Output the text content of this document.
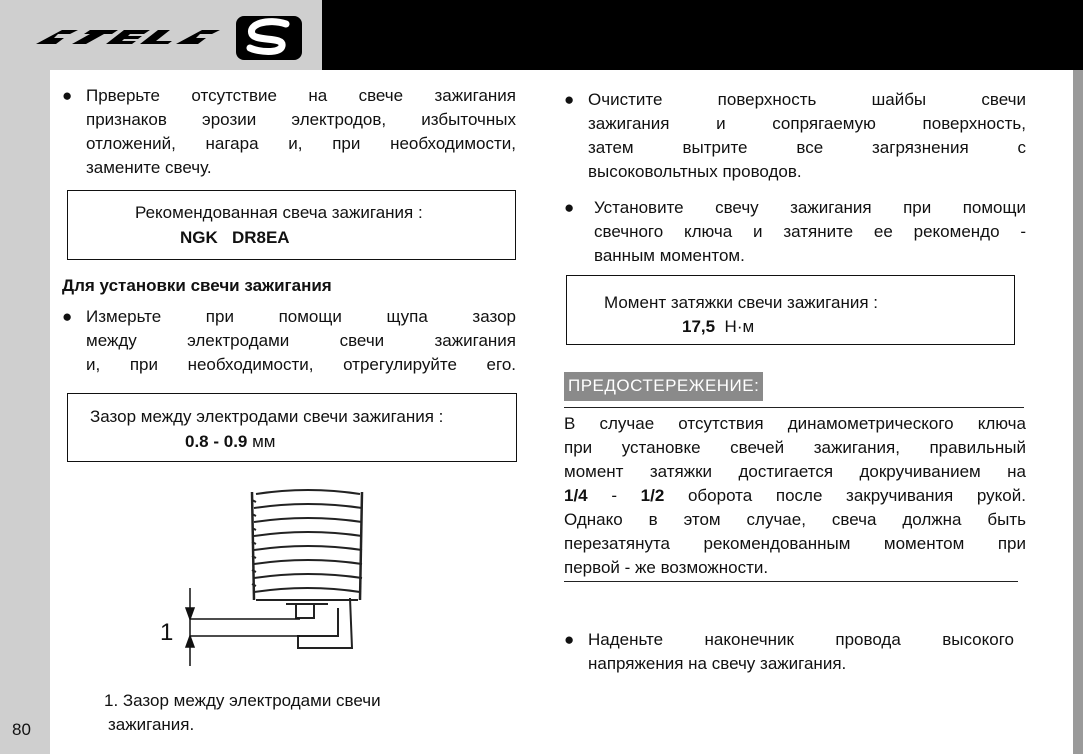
80
● Прверьте отсутствие на свече зажигания
признаков эрозии электродов, избыточных
отложений, нагара и, при необходимости,
замените свечу.
Рекомендованная свеча зажигания :
NGK   DR8EA
Для установки свечи зажигания
● Измерьте при помощи щупа зазор
между электродами свечи зажигания
и, при необходимости, отрегулируйте его.
Зазор между электродами свечи зажигания :
0.8 - 0.9 мм
1
1. Зазор между электродами свечи
зажигания.
● Очистите поверхность шайбы свечи
зажигания и сопрягаемую поверхность,
затем вытрите все загрязнения с
высоковольтных проводов.
● Установите свечу зажигания при помощи
свечного ключа и затяните ее рекомендо -
ванным моментом.
Момент затяжки свечи зажигания :
17,5  Н·м
ПРЕДОСТЕРЕЖЕНИЕ:
В случае отсутствия динамометрического ключа
при установке свечей зажигания, правильный
момент затяжки достигается докручиванием на
1/4 - 1/2 оборота после закручивания рукой.
Однако в этом случае, свеча должна быть
перезатянута рекомендованным моментом при
первой - же возможности.
● Наденьте наконечник провода высокого
напряжения на свечу зажигания.
